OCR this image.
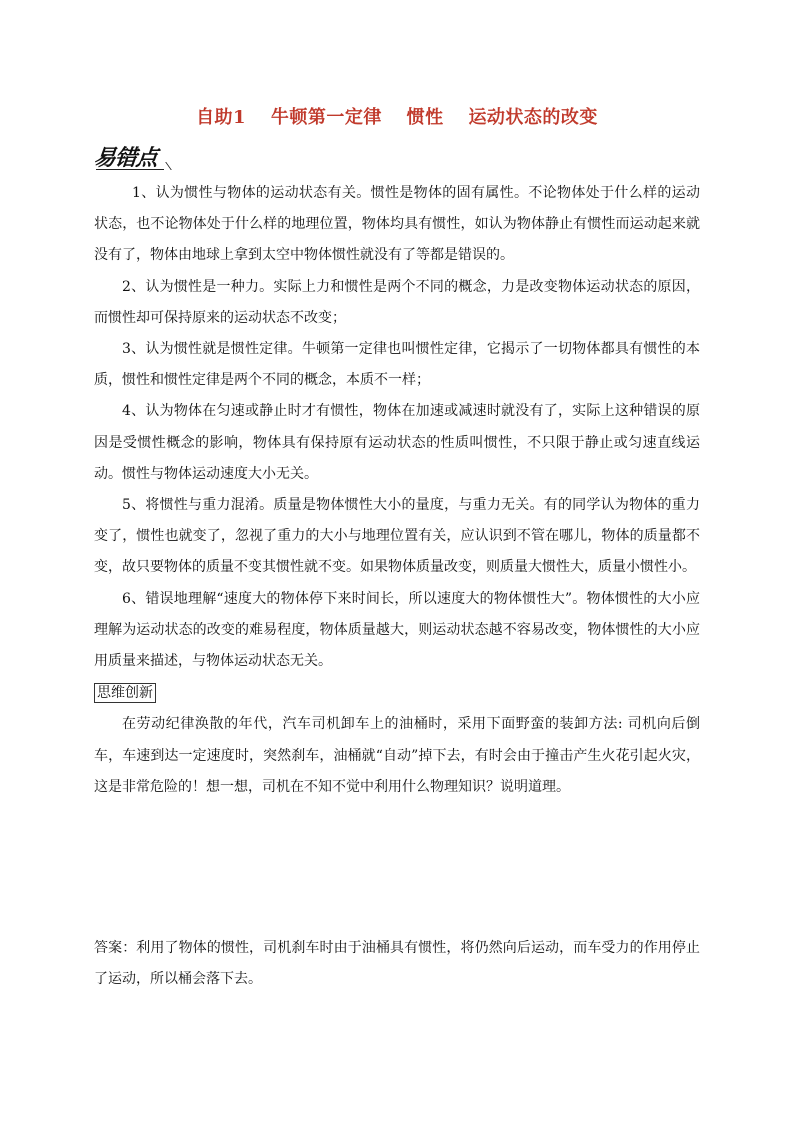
自助1 牛顿第一定律 惯性 运动状态的改变
易错点

1、认为惯性与物体的运动状态有关。惯性是物体的固有属性。不论物体处于什么样的运动状态，也不论物体处于什么样的地理位置，物体均具有惯性，如认为物体静止有惯性而运动起来就没有了，物体由地球上拿到太空中物体惯性就没有了等都是错误的。

2、认为惯性是一种力。实际上力和惯性是两个不同的概念，力是改变物体运动状态的原因，而惯性却可保持原来的运动状态不改变；

3、认为惯性就是惯性定律。牛顿第一定律也叫惯性定律，它揭示了一切物体都具有惯性的本质，惯性和惯性定律是两个不同的概念，本质不一样；

4、认为物体在匀速或静止时才有惯性，物体在加速或减速时就没有了，实际上这种错误的原因是受惯性概念的影响，物体具有保持原有运动状态的性质叫惯性，不只限于静止或匀速直线运动。惯性与物体运动速度大小无关。

5、将惯性与重力混淆。质量是物体惯性大小的量度，与重力无关。有的同学认为物体的重力变了，惯性也就变了，忽视了重力的大小与地理位置有关，应认识到不管在哪儿，物体的质量都不变，故只要物体的质量不变其惯性就不变。如果物体质量改变，则质量大惯性大，质量小惯性小。

6、错误地理解“速度大的物体停下来时间长，所以速度大的物体惯性大”。物体惯性的大小应理解为运动状态的改变的难易程度，物体质量越大，则运动状态越不容易改变，物体惯性的大小应用质量来描述，与物体运动状态无关。

思维创新

在劳动纪律涣散的年代，汽车司机卸车上的油桶时，采用下面野蛮的装卸方法: 司机向后倒车，车速到达一定速度时，突然刹车，油桶就“自动”掉下去，有时会由于撞击产生火花引起火灾，这是非常危险的！想一想，司机在不知不觉中利用什么物理知识？说明道理。

答案：利用了物体的惯性，司机刹车时由于油桶具有惯性，将仍然向后运动，而车受力的作用停止了运动，所以桶会落下去。
